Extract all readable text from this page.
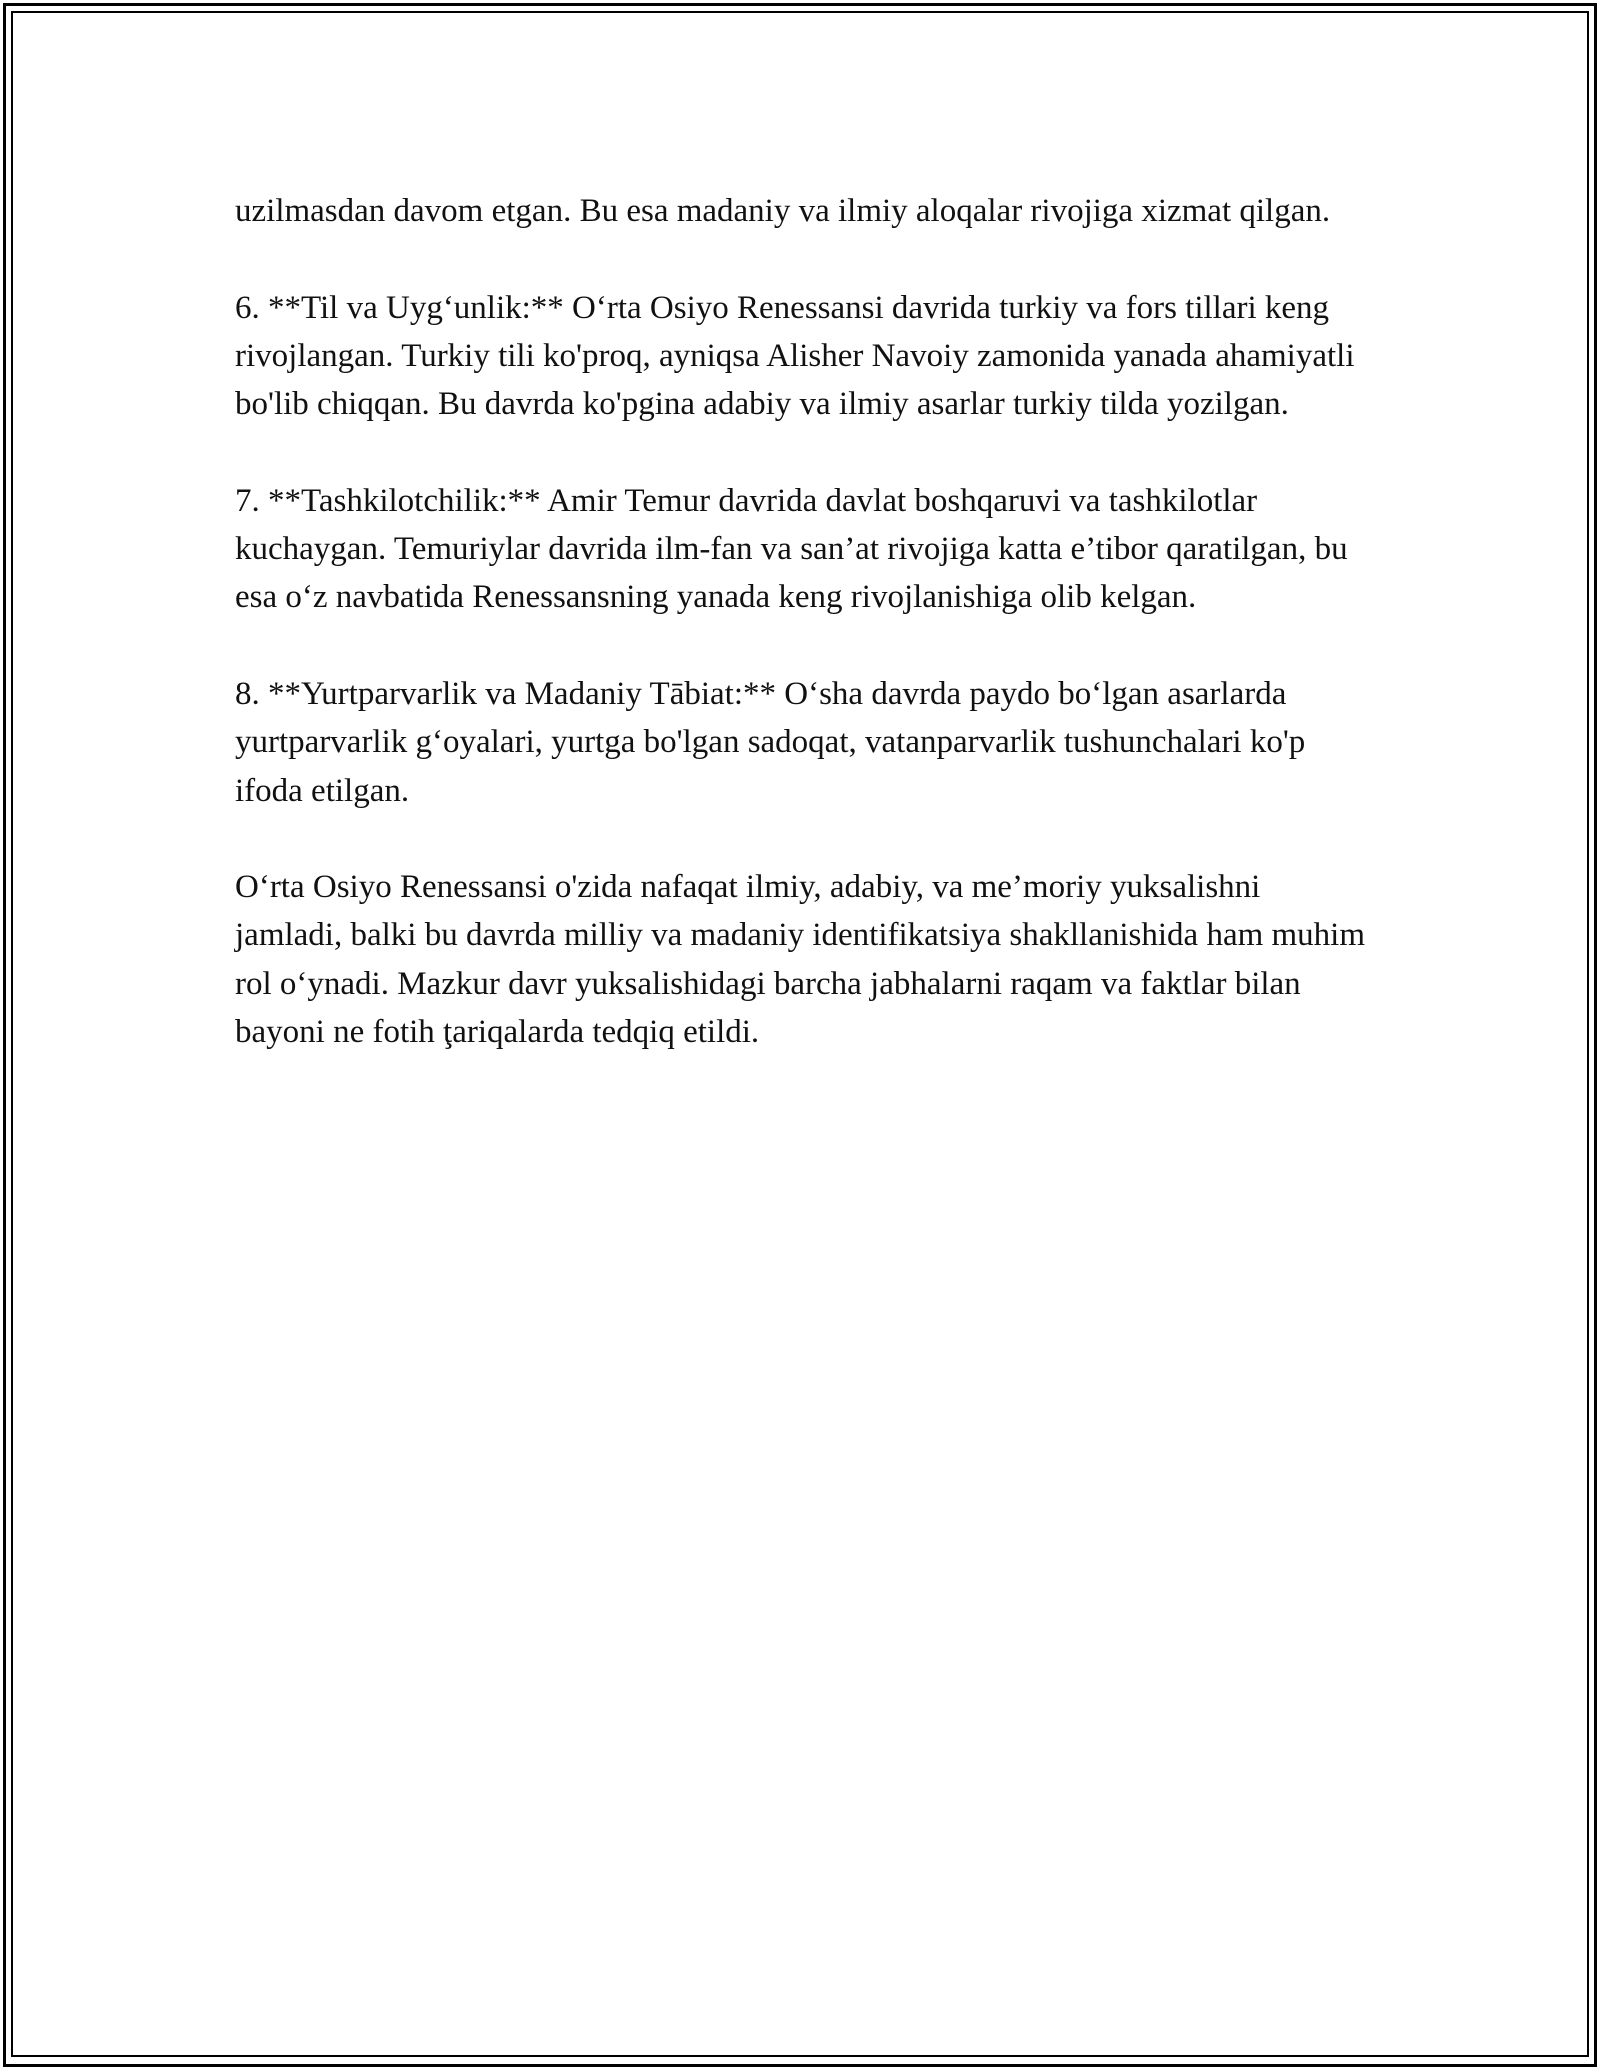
uzilmasdan davom etgan. Bu esa madaniy va ilmiy aloqalar rivojiga xizmat qilgan.

6. **Til va Uyg‘unlik:** O‘rta Osiyo Renessansi davrida turkiy va fors tillari keng rivojlangan. Turkiy tili ko'proq, ayniqsa Alisher Navoiy zamonida yanada ahamiyatli bo'lib chiqqan. Bu davrda ko'pgina adabiy va ilmiy asarlar turkiy tilda yozilgan.

7. **Tashkilotchilik:** Amir Temur davrida davlat boshqaruvi va tashkilotlar kuchaygan. Temuriylar davrida ilm-fan va san’at rivojiga katta e’tibor qaratilgan, bu esa o‘z navbatida Renessansning yanada keng rivojlanishiga olib kelgan.

8. **Yurtparvarlik va Madaniy Tābiat:** O‘sha davrda paydo bo‘lgan asarlarda yurtparvarlik g‘oyalari, yurtga bo'lgan sadoqat, vatanparvarlik tushunchalari ko'p ifoda etilgan.

O‘rta Osiyo Renessansi o'zida nafaqat ilmiy, adabiy, va me’moriy yuksalishni jamladi, balki bu davrda milliy va madaniy identifikatsiya shakllanishida ham muhim rol o‘ynadi. Mazkur davr yuksalishidagi barcha jabhalarni raqam va faktlar bilan bayoni ne fotih ţariqalarda tedqiq etildi.
